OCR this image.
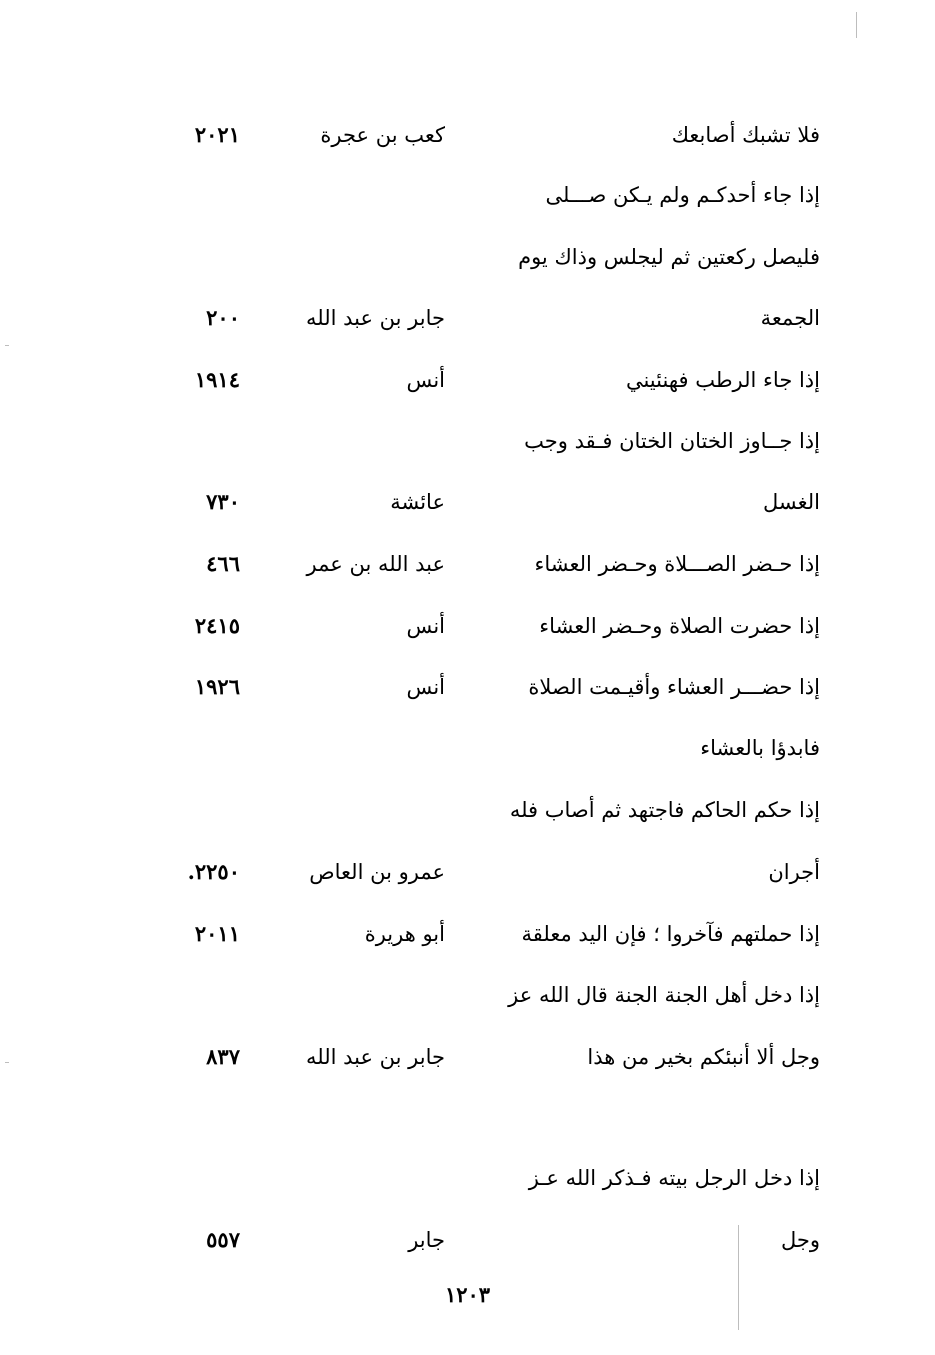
فلا تشبك أصابعك
كعب بن عجرة
٢٠٢١
إذا جاء أحدكـم ولم يـكن صـــلى
فليصل ركعتين ثم ليجلس وذاك يوم
الجمعة
جابر بن عبد الله
٢٠٠
إذا جاء الرطب فهنئيني
أنس
١٩١٤
إذا جــاوز الختان الختان فـقد وجب
الغسل
عائشة
٧٣٠
إذا حـضر الصـــلاة وحـضر العشاء
عبد الله بن عمر
٤٦٦
إذا حضرت الصلاة وحـضر العشاء
أنس
٢٤١٥
إذا حضـــر العشاء وأقيـمت الصلاة
أنس
١٩٢٦
فابدؤا بالعشاء
إذا حكم الحاكم فاجتهد ثم أصاب فله
أجران
عمرو بن العاص
٢٢٥٠.
إذا حملتهم فآخروا ؛ فإن اليد معلقة
أبو هريرة
٢٠١١
إذا دخل أهل الجنة الجنة قال الله عز
وجل ألا أنبئكم بخير من هذا
جابر بن عبد الله
٨٣٧
إذا دخل الرجل بيته فـذكر الله عـز
وجل
جابر
٥٥٧
١٢٠٣
